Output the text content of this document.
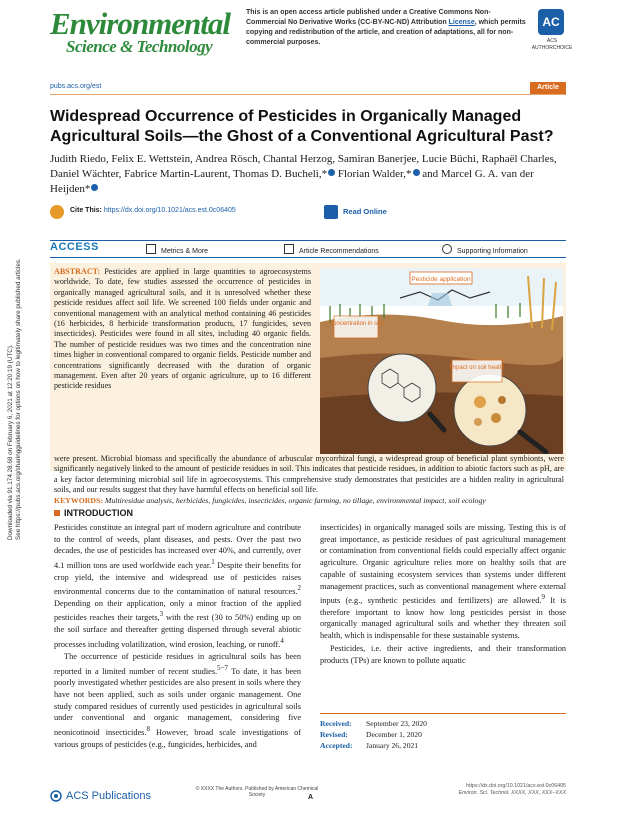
Environmental
Science & Technology
This is an open access article published under a Creative Commons Non-Commercial No Derivative Works (CC-BY-NC-ND) Attribution License, which permits copying and redistribution of the article, and creation of adaptations, all for non-commercial purposes.
AC
ACS AUTHORCHOICE
pubs.acs.org/est	Article
Widespread Occurrence of Pesticides in Organically Managed Agricultural Soils—the Ghost of a Conventional Agricultural Past?
Judith Riedo, Felix E. Wettstein, Andrea Rösch, Chantal Herzog, Samiran Banerjee, Lucie Büchi, Raphaël Charles, Daniel Wächter, Fabrice Martin-Laurent, Thomas D. Bucheli,* Florian Walder,* and Marcel G. A. van der Heijden*
Cite This: https://dx.doi.org/10.1021/acs.est.0c06405	Read Online
ACCESS	Metrics & More	Article Recommendations	Supporting Information
ABSTRACT: Pesticides are applied in large quantities to agroecosystems worldwide. To date, few studies assessed the occurrence of pesticides in organically managed agricultural soils, and it is unresolved whether these pesticide residues affect soil life. We screened 100 fields under organic and conventional management with an analytical method containing 46 pesticides (16 herbicides, 8 herbicide transformation products, 17 fungicides, seven insecticides). Pesticides were found in all sites, including 40 organic fields. The number of pesticide residues was two times and the concentration nine times higher in conventional compared to organic fields. Pesticide number and concentrations significantly decreased with the duration of organic management. Even after 20 years of organic agriculture, up to 16 different pesticide residues
were present. Microbial biomass and specifically the abundance of arbuscular mycorrhizal fungi, a widespread group of beneficial plant symbionts, were significantly negatively linked to the amount of pesticide residues in soil. This indicates that pesticide residues, in addition to abiotic factors such as pH, are a key factor determining microbial soil life in agroecosystems. This comprehensive study demonstrates that pesticides are a hidden reality in agricultural soils, and our results suggest that they have harmful effects on beneficial soil life.
Pesticide application
Concentration in soil
Impact on soil health
KEYWORDS: Multiresidue analysis, herbicides, fungicides, insecticides, organic farming, no tillage, environmental impact, soil ecology
INTRODUCTION
Pesticides constitute an integral part of modern agriculture and contribute to the control of weeds, plant diseases, and pests. Over the past two decades, the use of pesticides has increased over 40%, and currently, over 4.1 million tons are used worldwide each year.$^1$ Despite their benefits for crop yield, the intensive and widespread use of pesticides raises environmental concerns due to the contamination of natural resources.$^2$ Depending on their application, only a minor fraction of the applied pesticides reaches their targets,$^3$ with the rest (30 to 50%) ending up on the soil surface and thereafter getting dispersed through several abiotic processes including volatilization, wind erosion, leaching, or runoff.$^4$
The occurrence of pesticide residues in agricultural soils has been reported in a limited number of recent studies.$^{5-7}$ To date, it has been poorly investigated whether pesticides are also present in soils where they have not been applied, such as soils under organic management. One study compared residues of currently used pesticides in agricultural soils under conventional and organic management, considering five neonicotinoid insecticides.$^8$ However, broad scale investigations of various groups of pesticides (e.g., fungicides, herbicides, and
insecticides) in organically managed soils are missing. Testing this is of great importance, as pesticide residues of past agricultural management or contamination from conventional fields could especially affect organic agriculture. Organic agriculture relies more on healthy soils that are capable of sustaining ecosystem services than systems under different management practices, such as conventional management where external inputs (e.g., synthetic pesticides and fertilizers) are allowed.$^9$ It is therefore important to know how long pesticides persist in those organically managed agricultural soils and whether they threaten soil health, which is indispensable for these sustainable systems.
Pesticides, i.e. their active ingredients, and their transformation products (TPs) are known to pollute aquatic
Received: September 23, 2020
Revised: December 1, 2020
Accepted: January 26, 2021
ACS Publications
© XXXX The Authors. Published by American Chemical Society	A
https://dx.doi.org/10.1021/acs.est.0c06405
Environ. Sci. Technol. XXXX, XXX, XXX−XXX
Downloaded via 91.174.28.68 on February 6, 2021 at 12:20:19 (UTC). See https://pubs.acs.org/sharingguidelines for options on how to legitimately share published articles.
